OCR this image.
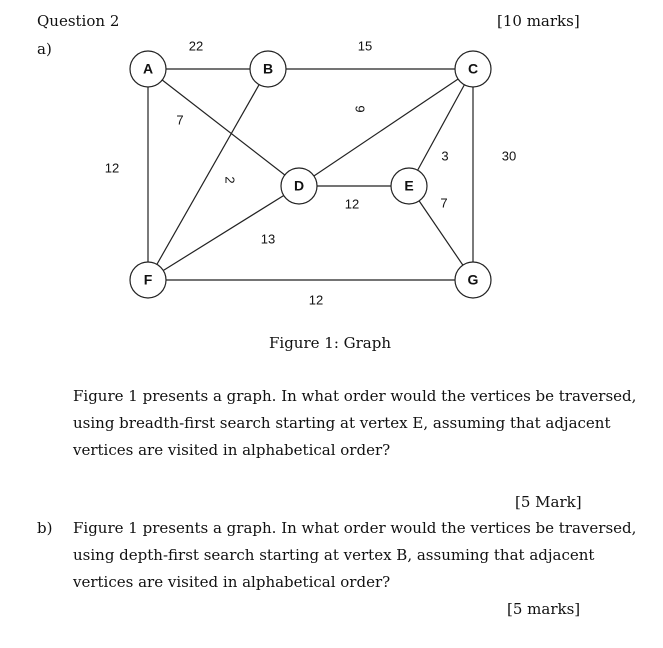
Question 2	[10 marks]
a)	22	15
7
12
2
9
3	30
12
13
7
12
A	B	C
D	E
F	G
Figure 1: Graph
Figure 1 presents a graph. In what order would the vertices be traversed,
using breadth-first search starting at vertex E, assuming that adjacent
vertices are visited in alphabetical order?
[5 Mark]
b) Figure 1 presents a graph. In what order would the vertices be traversed,
using depth-first search starting at vertex B, assuming that adjacent
vertices are visited in alphabetical order?
[5 marks]
